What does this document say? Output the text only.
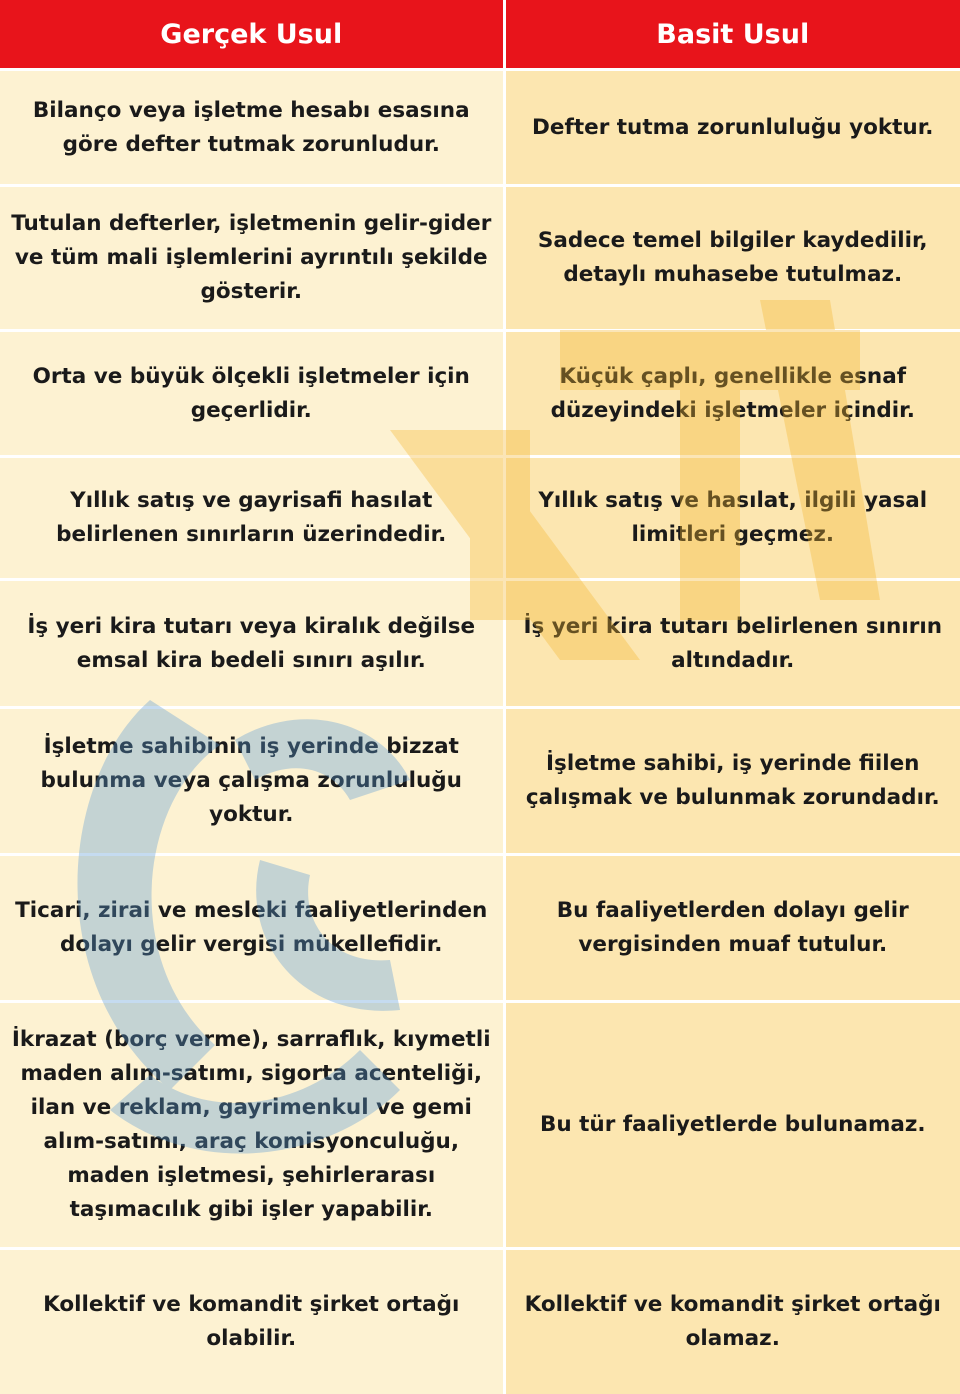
Gerçek Usul	Basit Usul
Bilanço veya işletme hesabı esasına göre defter tutmak zorunludur.	Defter tutma zorunluluğu yoktur.
Tutulan defterler, işletmenin gelir-gider ve tüm mali işlemlerini ayrıntılı şekilde gösterir.	Sadece temel bilgiler kaydedilir, detaylı muhasebe tutulmaz.
Orta ve büyük ölçekli işletmeler için geçerlidir.	Küçük çaplı, genellikle esnaf düzeyindeki işletmeler içindir.
Yıllık satış ve gayrisafi hasılat belirlenen sınırların üzerindedir.	Yıllık satış ve hasılat, ilgili yasal limitleri geçmez.
İş yeri kira tutarı veya kiralık değilse emsal kira bedeli sınırı aşılır.	İş yeri kira tutarı belirlenen sınırın altındadır.
İşletme sahibinin iş yerinde bizzat bulunma veya çalışma zorunluluğu yoktur.	İşletme sahibi, iş yerinde fiilen çalışmak ve bulunmak zorundadır.
Ticari, zirai ve mesleki faaliyetlerinden dolayı gelir vergisi mükellefidir.	Bu faaliyetlerden dolayı gelir vergisinden muaf tutulur.
İkrazat (borç verme), sarraflık, kıymetli maden alım-satımı, sigorta acenteliği, ilan ve reklam, gayrimenkul ve gemi alım-satımı, araç komisyonculuğu, maden işletmesi, şehirlerarası taşımacılık gibi işler yapabilir.	Bu tür faaliyetlerde bulunamaz.
Kollektif ve komandit şirket ortağı olabilir.	Kollektif ve komandit şirket ortağı olamaz.
